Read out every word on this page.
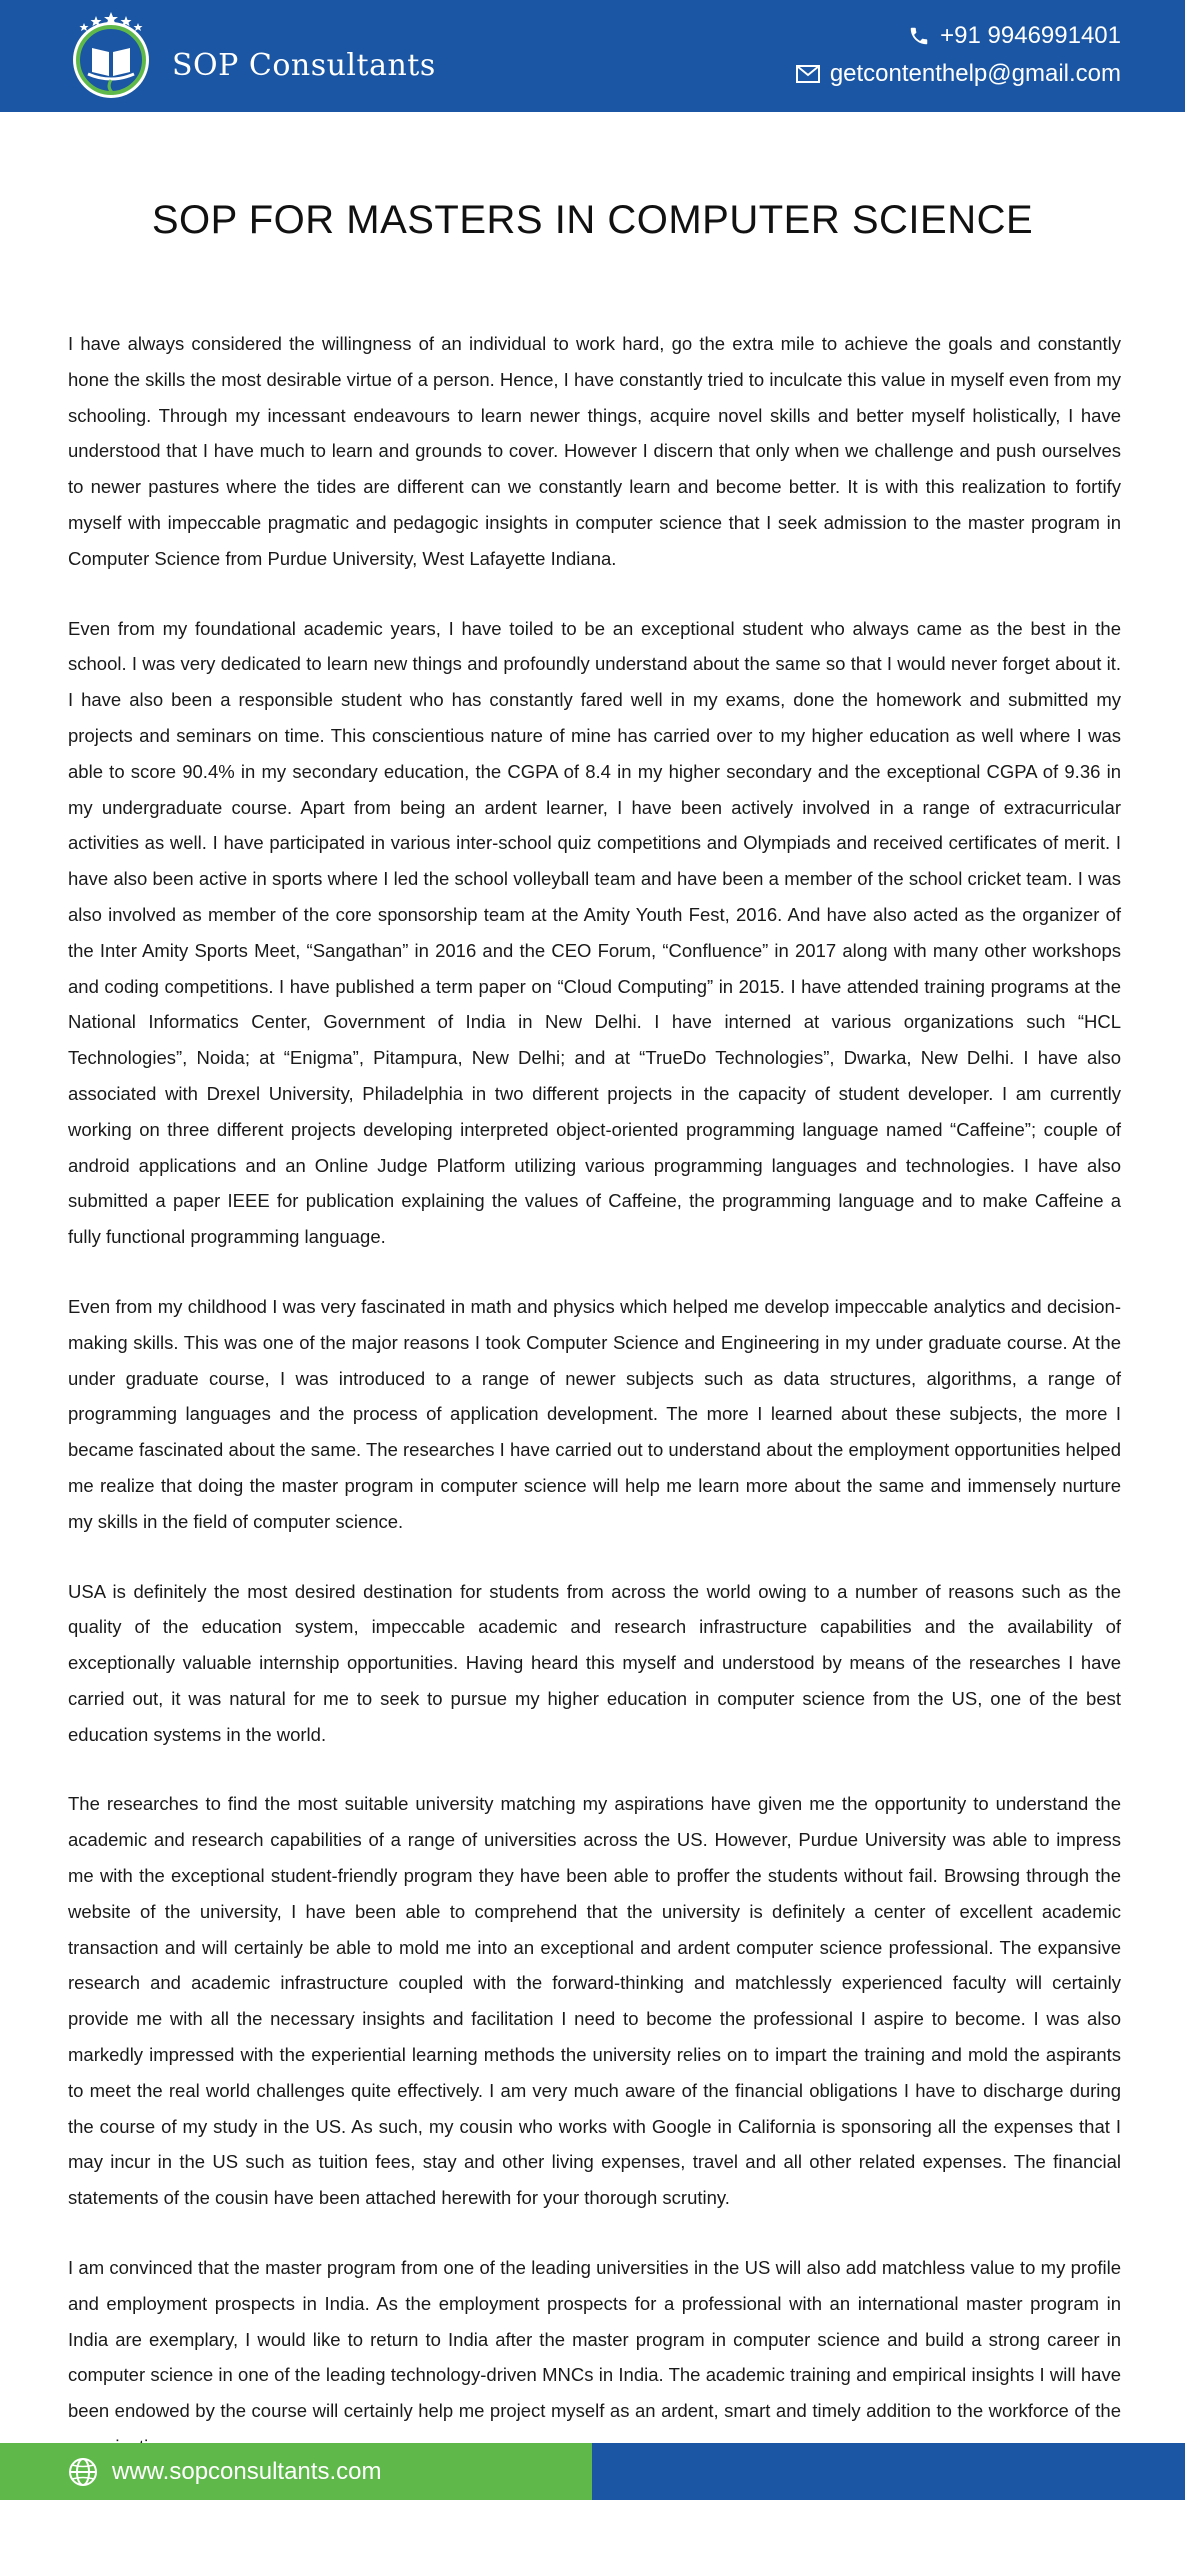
SOP Consultants
+91 9946991401
getcontenthelp@gmail.com
SOP FOR MASTERS IN COMPUTER SCIENCE

I have always considered the willingness of an individual to work hard, go the extra mile to achieve the goals and constantly hone the skills the most desirable virtue of a person. Hence, I have constantly tried to inculcate this value in myself even from my schooling. Through my incessant endeavours to learn newer things, acquire novel skills and better myself holistically, I have understood that I have much to learn and grounds to cover. However I discern that only when we challenge and push ourselves to newer pastures where the tides are different can we constantly learn and become better. It is with this realization to fortify myself with impeccable pragmatic and pedagogic insights in computer science that I seek admission to the master program in Computer Science from Purdue University, West Lafayette Indiana.

Even from my foundational academic years, I have toiled to be an exceptional student who always came as the best in the school. I was very dedicated to learn new things and profoundly understand about the same so that I would never forget about it. I have also been a responsible student who has constantly fared well in my exams, done the homework and submitted my projects and seminars on time. This conscientious nature of mine has carried over to my higher education as well where I was able to score 90.4% in my secondary education, the CGPA of 8.4 in my higher secondary and the exceptional CGPA of 9.36 in my undergraduate course. Apart from being an ardent learner, I have been actively involved in a range of extracurricular activities as well. I have participated in various inter-school quiz competitions and Olympiads and received certificates of merit. I have also been active in sports where I led the school volleyball team and have been a member of the school cricket team. I was also involved as member of the core sponsorship team at the Amity Youth Fest, 2016. And have also acted as the organizer of the Inter Amity Sports Meet, “Sangathan” in 2016 and the CEO Forum, “Confluence” in 2017 along with many other workshops and coding competitions. I have published a term paper on “Cloud Computing” in 2015. I have attended training programs at the National Informatics Center, Government of India in New Delhi. I have interned at various organizations such “HCL Technologies”, Noida; at “Enigma”, Pitampura, New Delhi; and at “TrueDo Technologies”, Dwarka, New Delhi. I have also associated with Drexel University, Philadelphia in two different projects in the capacity of student developer. I am currently working on three different projects developing interpreted object-oriented programming language named “Caffeine”; couple of android applications and an Online Judge Platform utilizing various programming languages and technologies. I have also submitted a paper IEEE for publication explaining the values of Caffeine, the programming language and to make Caffeine a fully functional programming language.

Even from my childhood I was very fascinated in math and physics which helped me develop impeccable analytics and decision-making skills. This was one of the major reasons I took Computer Science and Engineering in my under graduate course. At the under graduate course, I was introduced to a range of newer subjects such as data structures, algorithms, a range of programming languages and the process of application development. The more I learned about these subjects, the more I became fascinated about the same. The researches I have carried out to understand about the employment opportunities helped me realize that doing the master program in computer science will help me learn more about the same and immensely nurture my skills in the field of computer science.

USA is definitely the most desired destination for students from across the world owing to a number of reasons such as the quality of the education system, impeccable academic and research infrastructure capabilities and the availability of exceptionally valuable internship opportunities. Having heard this myself and understood by means of the researches I have carried out, it was natural for me to seek to pursue my higher education in computer science from the US, one of the best education systems in the world.

The researches to find the most suitable university matching my aspirations have given me the opportunity to understand the academic and research capabilities of a range of universities across the US. However, Purdue University was able to impress me with the exceptional student-friendly program they have been able to proffer the students without fail. Browsing through the website of the university, I have been able to comprehend that the university is definitely a center of excellent academic transaction and will certainly be able to mold me into an exceptional and ardent computer science professional. The expansive research and academic infrastructure coupled with the forward-thinking and matchlessly experienced faculty will certainly provide me with all the necessary insights and facilitation I need to become the professional I aspire to become. I was also markedly impressed with the experiential learning methods the university relies on to impart the training and mold the aspirants to meet the real world challenges quite effectively. I am very much aware of the financial obligations I have to discharge during the course of my study in the US. As such, my cousin who works with Google in California is sponsoring all the expenses that I may incur in the US such as tuition fees, stay and other living expenses, travel and all other related expenses. The financial statements of the cousin have been attached herewith for your thorough scrutiny.

I am convinced that the master program from one of the leading universities in the US will also add matchless value to my profile and employment prospects in India. As the employment prospects for a professional with an international master program in India are exemplary, I would like to return to India after the master program in computer science and build a strong career in computer science in one of the leading technology-driven MNCs in India. The academic training and empirical insights I will have been endowed by the course will certainly help me project myself as an ardent, smart and timely addition to the workforce of the

www.sopconsultants.com
